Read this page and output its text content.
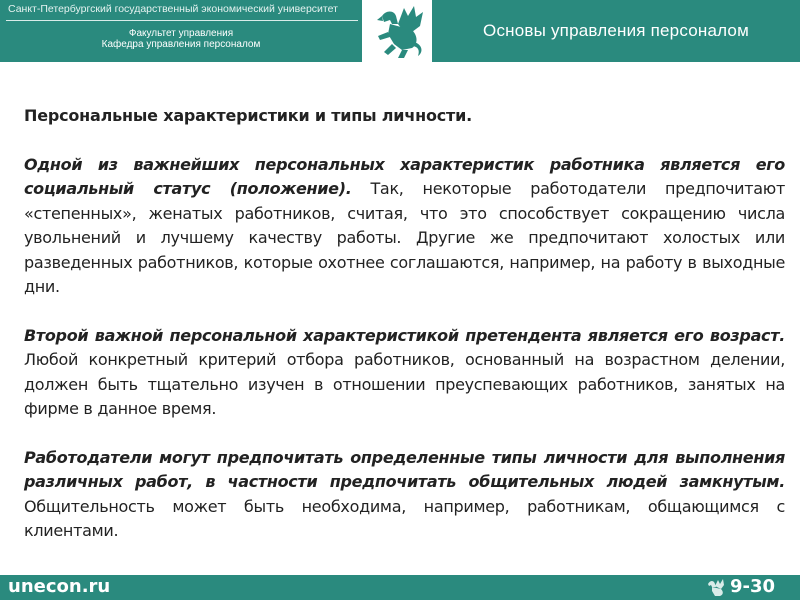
Санкт-Петербургский государственный экономический университет
Факультет управления
Кафедра управления персоналом
Основы управления персоналом

Персональные характеристики и типы личности.

Одной из важнейших персональных характеристик работника является его социальный статус (положение). Так, некоторые работодатели предпочитают «степенных», женатых работников, считая, что это способствует сокращению числа увольнений и лучшему качеству работы. Другие же предпочитают холостых или разведенных работников, которые охотнее соглашаются, например, на работу в выходные дни.

Второй важной персональной характеристикой претендента является его возраст. Любой конкретный критерий отбора работников, основанный на возрастном делении, должен быть тщательно изучен в отношении преуспевающих работников, занятых на фирме в данное время.

Работодатели могут предпочитать определенные типы личности для выполнения различных работ, в частности предпочитать общительных людей замкнутым. Общительность может быть необходима, например, работникам, общающимся с клиентами.

unecon.ru	9-30
